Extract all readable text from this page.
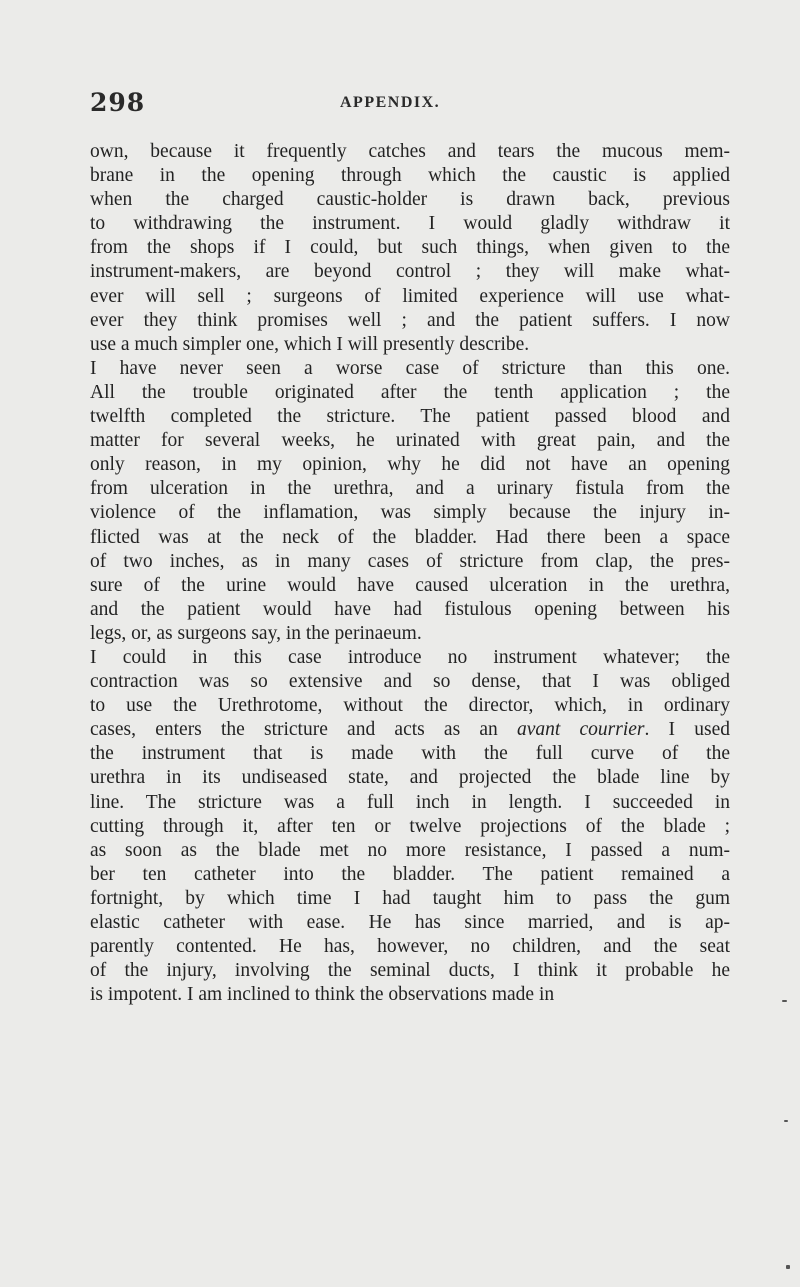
298	APPENDIX.
own, because it frequently catches and tears the mucous mem-
brane in the opening through which the caustic is applied
when the charged caustic-holder is drawn back, previous
to withdrawing the instrument. I would gladly withdraw it
from the shops if I could, but such things, when given to the
instrument-makers, are beyond control ; they will make what-
ever will sell ; surgeons of limited experience will use what-
ever they think promises well ; and the patient suffers. I now
use a much simpler one, which I will presently describe.
I have never seen a worse case of stricture than this one.
All the trouble originated after the tenth application ; the
twelfth completed the stricture. The patient passed blood and
matter for several weeks, he urinated with great pain, and the
only reason, in my opinion, why he did not have an opening
from ulceration in the urethra, and a urinary fistula from the
violence of the inflamation, was simply because the injury in-
flicted was at the neck of the bladder. Had there been a space
of two inches, as in many cases of stricture from clap, the pres-
sure of the urine would have caused ulceration in the urethra,
and the patient would have had fistulous opening between his
legs, or, as surgeons say, in the perinaeum.
I could in this case introduce no instrument whatever; the
contraction was so extensive and so dense, that I was obliged
to use the Urethrotome, without the director, which, in ordinary
cases, enters the stricture and acts as an avant courrier. I used
the instrument that is made with the full curve of the
urethra in its undiseased state, and projected the blade line by
line. The stricture was a full inch in length. I succeeded in
cutting through it, after ten or twelve projections of the blade ;
as soon as the blade met no more resistance, I passed a num-
ber ten catheter into the bladder. The patient remained a
fortnight, by which time I had taught him to pass the gum
elastic catheter with ease. He has since married, and is ap-
parently contented. He has, however, no children, and the seat
of the injury, involving the seminal ducts, I think it probable he
is impotent. I am inclined to think the observations made in
